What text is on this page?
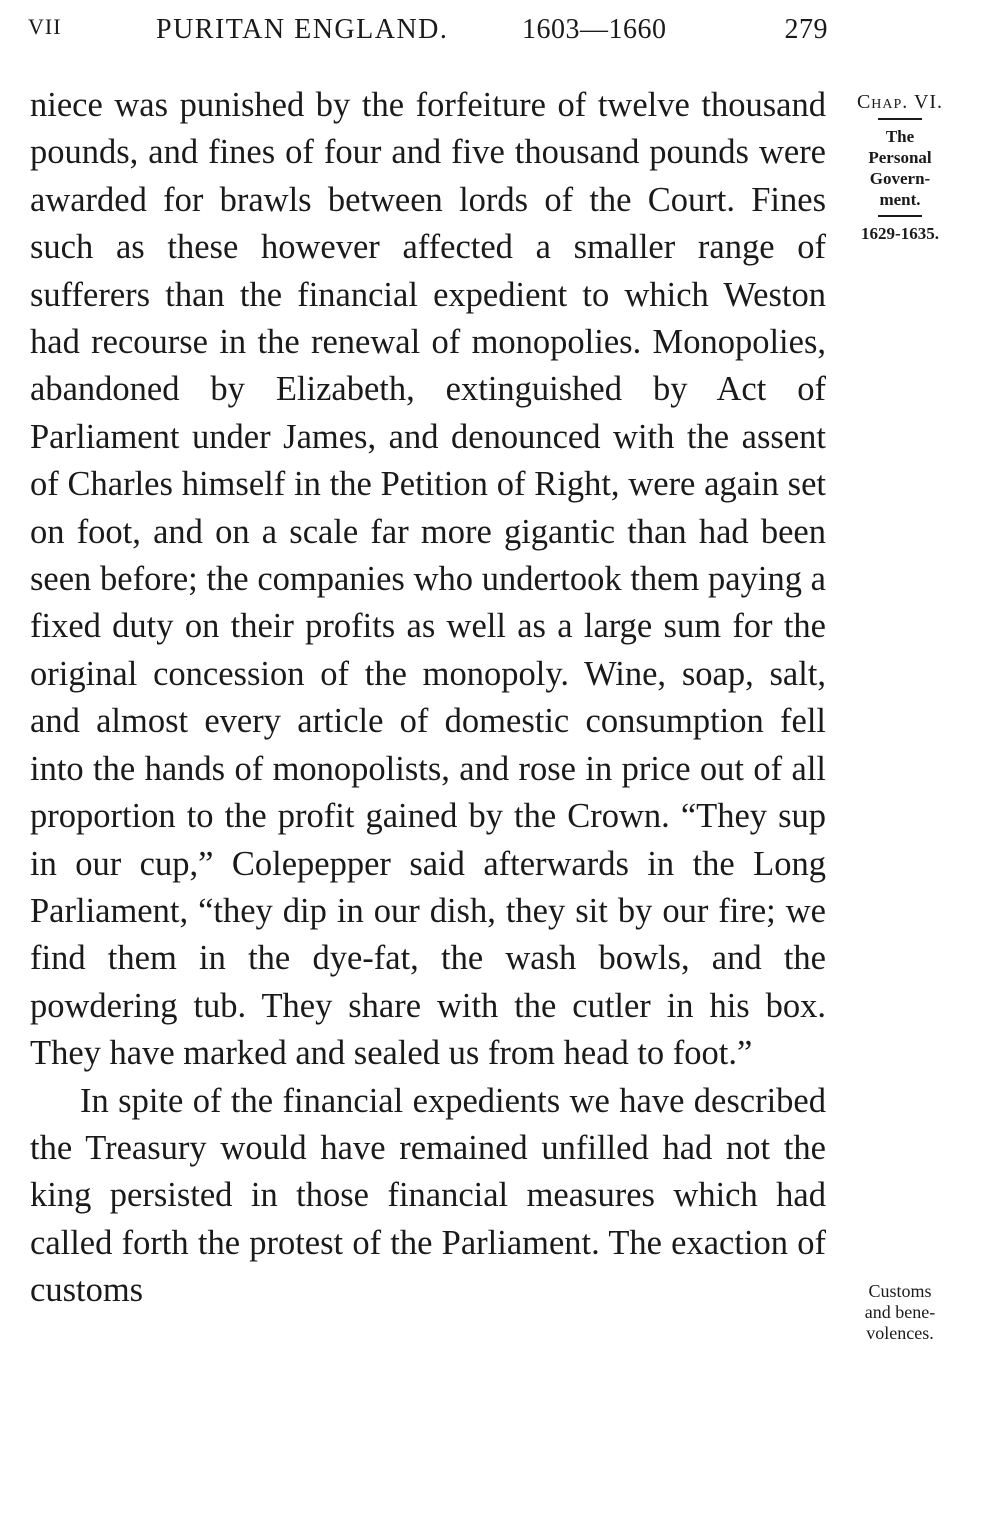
VII	PURITAN ENGLAND.	1603—1660	279
Chap. VI.
The
Personal
Govern-
ment.
1629-1635.
Customs
and bene-
volences.

niece was punished by the forfeiture of twelve thousand pounds, and fines of four and five thousand pounds were awarded for brawls between lords of the Court. Fines such as these however affected a smaller range of sufferers than the financial expedient to which Weston had recourse in the renewal of monopolies. Monopolies, abandoned by Elizabeth, extinguished by Act of Parliament under James, and denounced with the assent of Charles himself in the Petition of Right, were again set on foot, and on a scale far more gigantic than had been seen before; the companies who undertook them paying a fixed duty on their profits as well as a large sum for the original concession of the monopoly. Wine, soap, salt, and almost every article of domestic consumption fell into the hands of monopolists, and rose in price out of all proportion to the profit gained by the Crown. “They sup in our cup,” Colepepper said afterwards in the Long Parliament, “they dip in our dish, they sit by our fire; we find them in the dye-fat, the wash bowls, and the powdering tub. They share with the cutler in his box. They have marked and sealed us from head to foot.”

In spite of the financial expedients we have described the Treasury would have remained unfilled had not the king persisted in those financial measures which had called forth the protest of the Parliament. The exaction of customs
